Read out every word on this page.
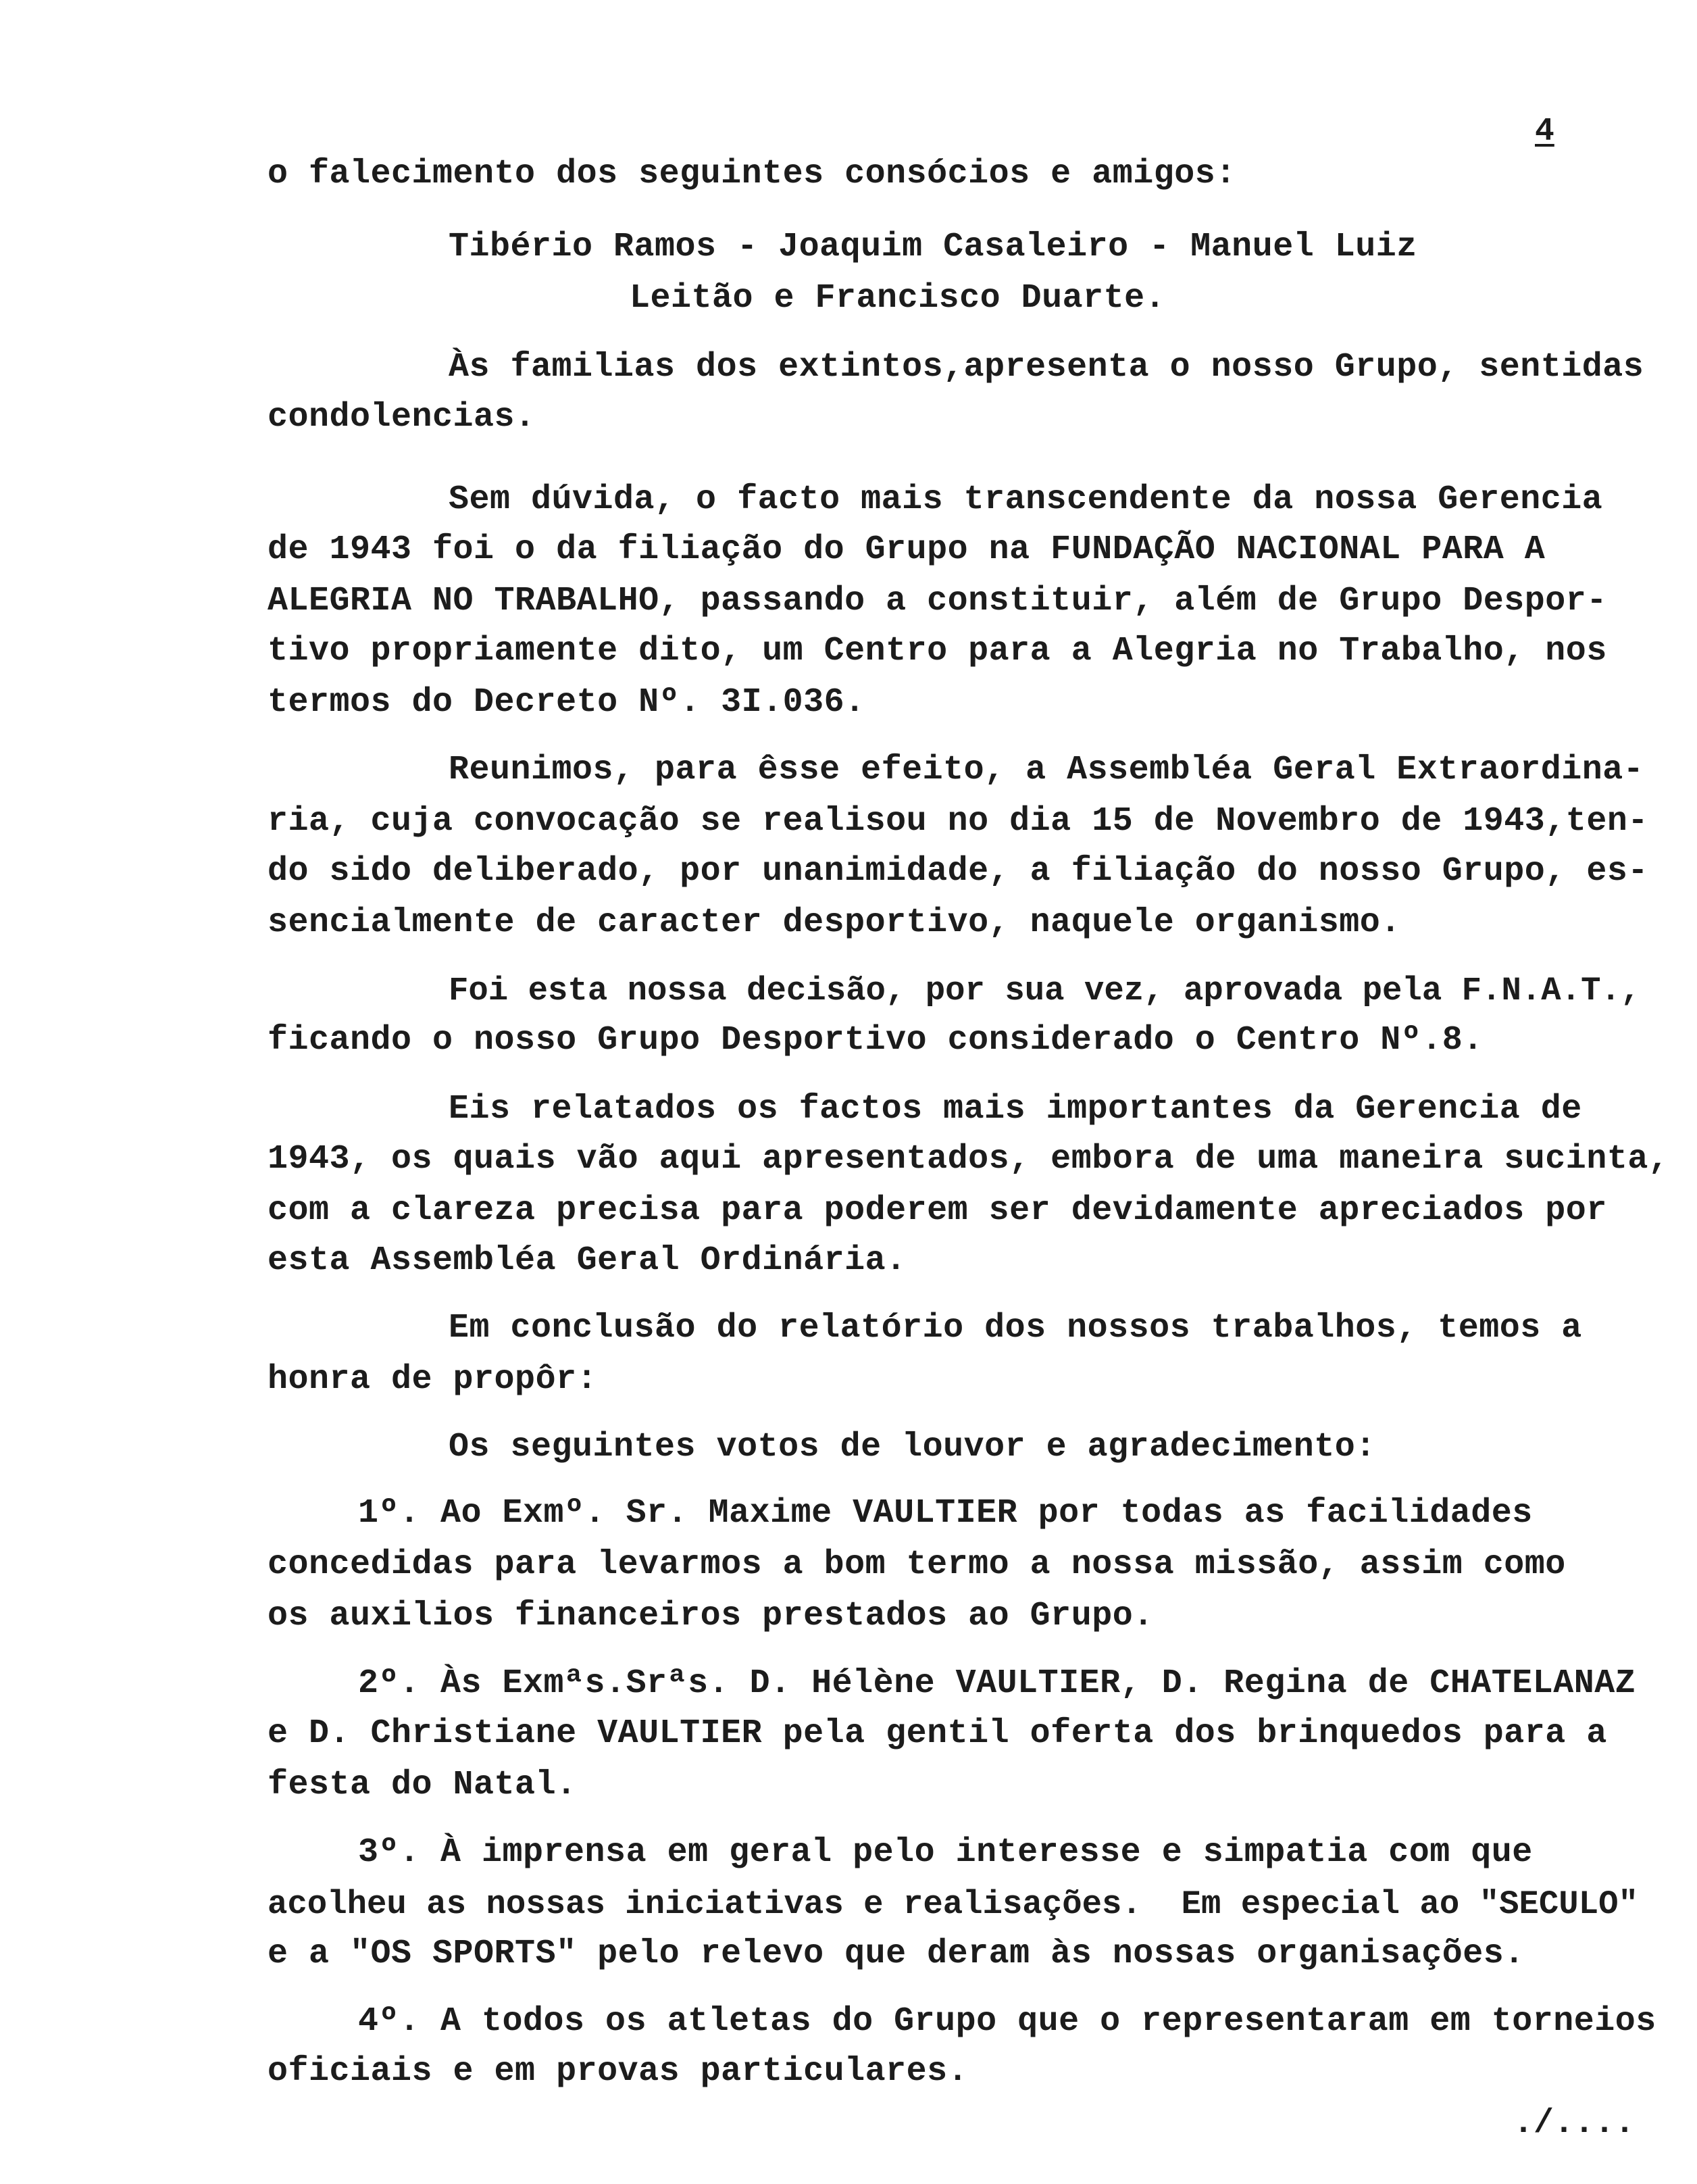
4
o falecimento dos seguintes consócios e amigos:
Tibério Ramos - Joaquim Casaleiro - Manuel Luiz
Leitão e Francisco Duarte.
Às familias dos extintos,apresenta o nosso Grupo, sentidas
condolencias.
Sem dúvida, o facto mais transcendente da nossa Gerencia
de 1943 foi o da filiação do Grupo na FUNDAÇÃO NACIONAL PARA A
ALEGRIA NO TRABALHO, passando a constituir, além de Grupo Despor-
tivo propriamente dito, um Centro para a Alegria no Trabalho, nos
termos do Decreto Nº. 3I.036.
Reunimos, para êsse efeito, a Assembléa Geral Extraordina-
ria, cuja convocação se realisou no dia 15 de Novembro de 1943,ten-
do sido deliberado, por unanimidade, a filiação do nosso Grupo, es-
sencialmente de caracter desportivo, naquele organismo.
Foi esta nossa decisão, por sua vez, aprovada pela F.N.A.T.,
ficando o nosso Grupo Desportivo considerado o Centro Nº.8.
Eis relatados os factos mais importantes da Gerencia de
1943, os quais vão aqui apresentados, embora de uma maneira sucinta,
com a clareza precisa para poderem ser devidamente apreciados por
esta Assembléa Geral Ordinária.
Em conclusão do relatório dos nossos trabalhos, temos a
honra de propôr:
Os seguintes votos de louvor e agradecimento:
1º. Ao Exmº. Sr. Maxime VAULTIER por todas as facilidades
concedidas para levarmos a bom termo a nossa missão, assim como
os auxilios financeiros prestados ao Grupo.
2º. Às Exmªs.Srªs. D. Hélène VAULTIER, D. Regina de CHATELANAZ
e D. Christiane VAULTIER pela gentil oferta dos brinquedos para a
festa do Natal.
3º. À imprensa em geral pelo interesse e simpatia com que
acolheu as nossas iniciativas e realisações.  Em especial ao "SECULO"
e a "OS SPORTS" pelo relevo que deram às nossas organisações.
4º. A todos os atletas do Grupo que o representaram em torneios
oficiais e em provas particulares.
./....
